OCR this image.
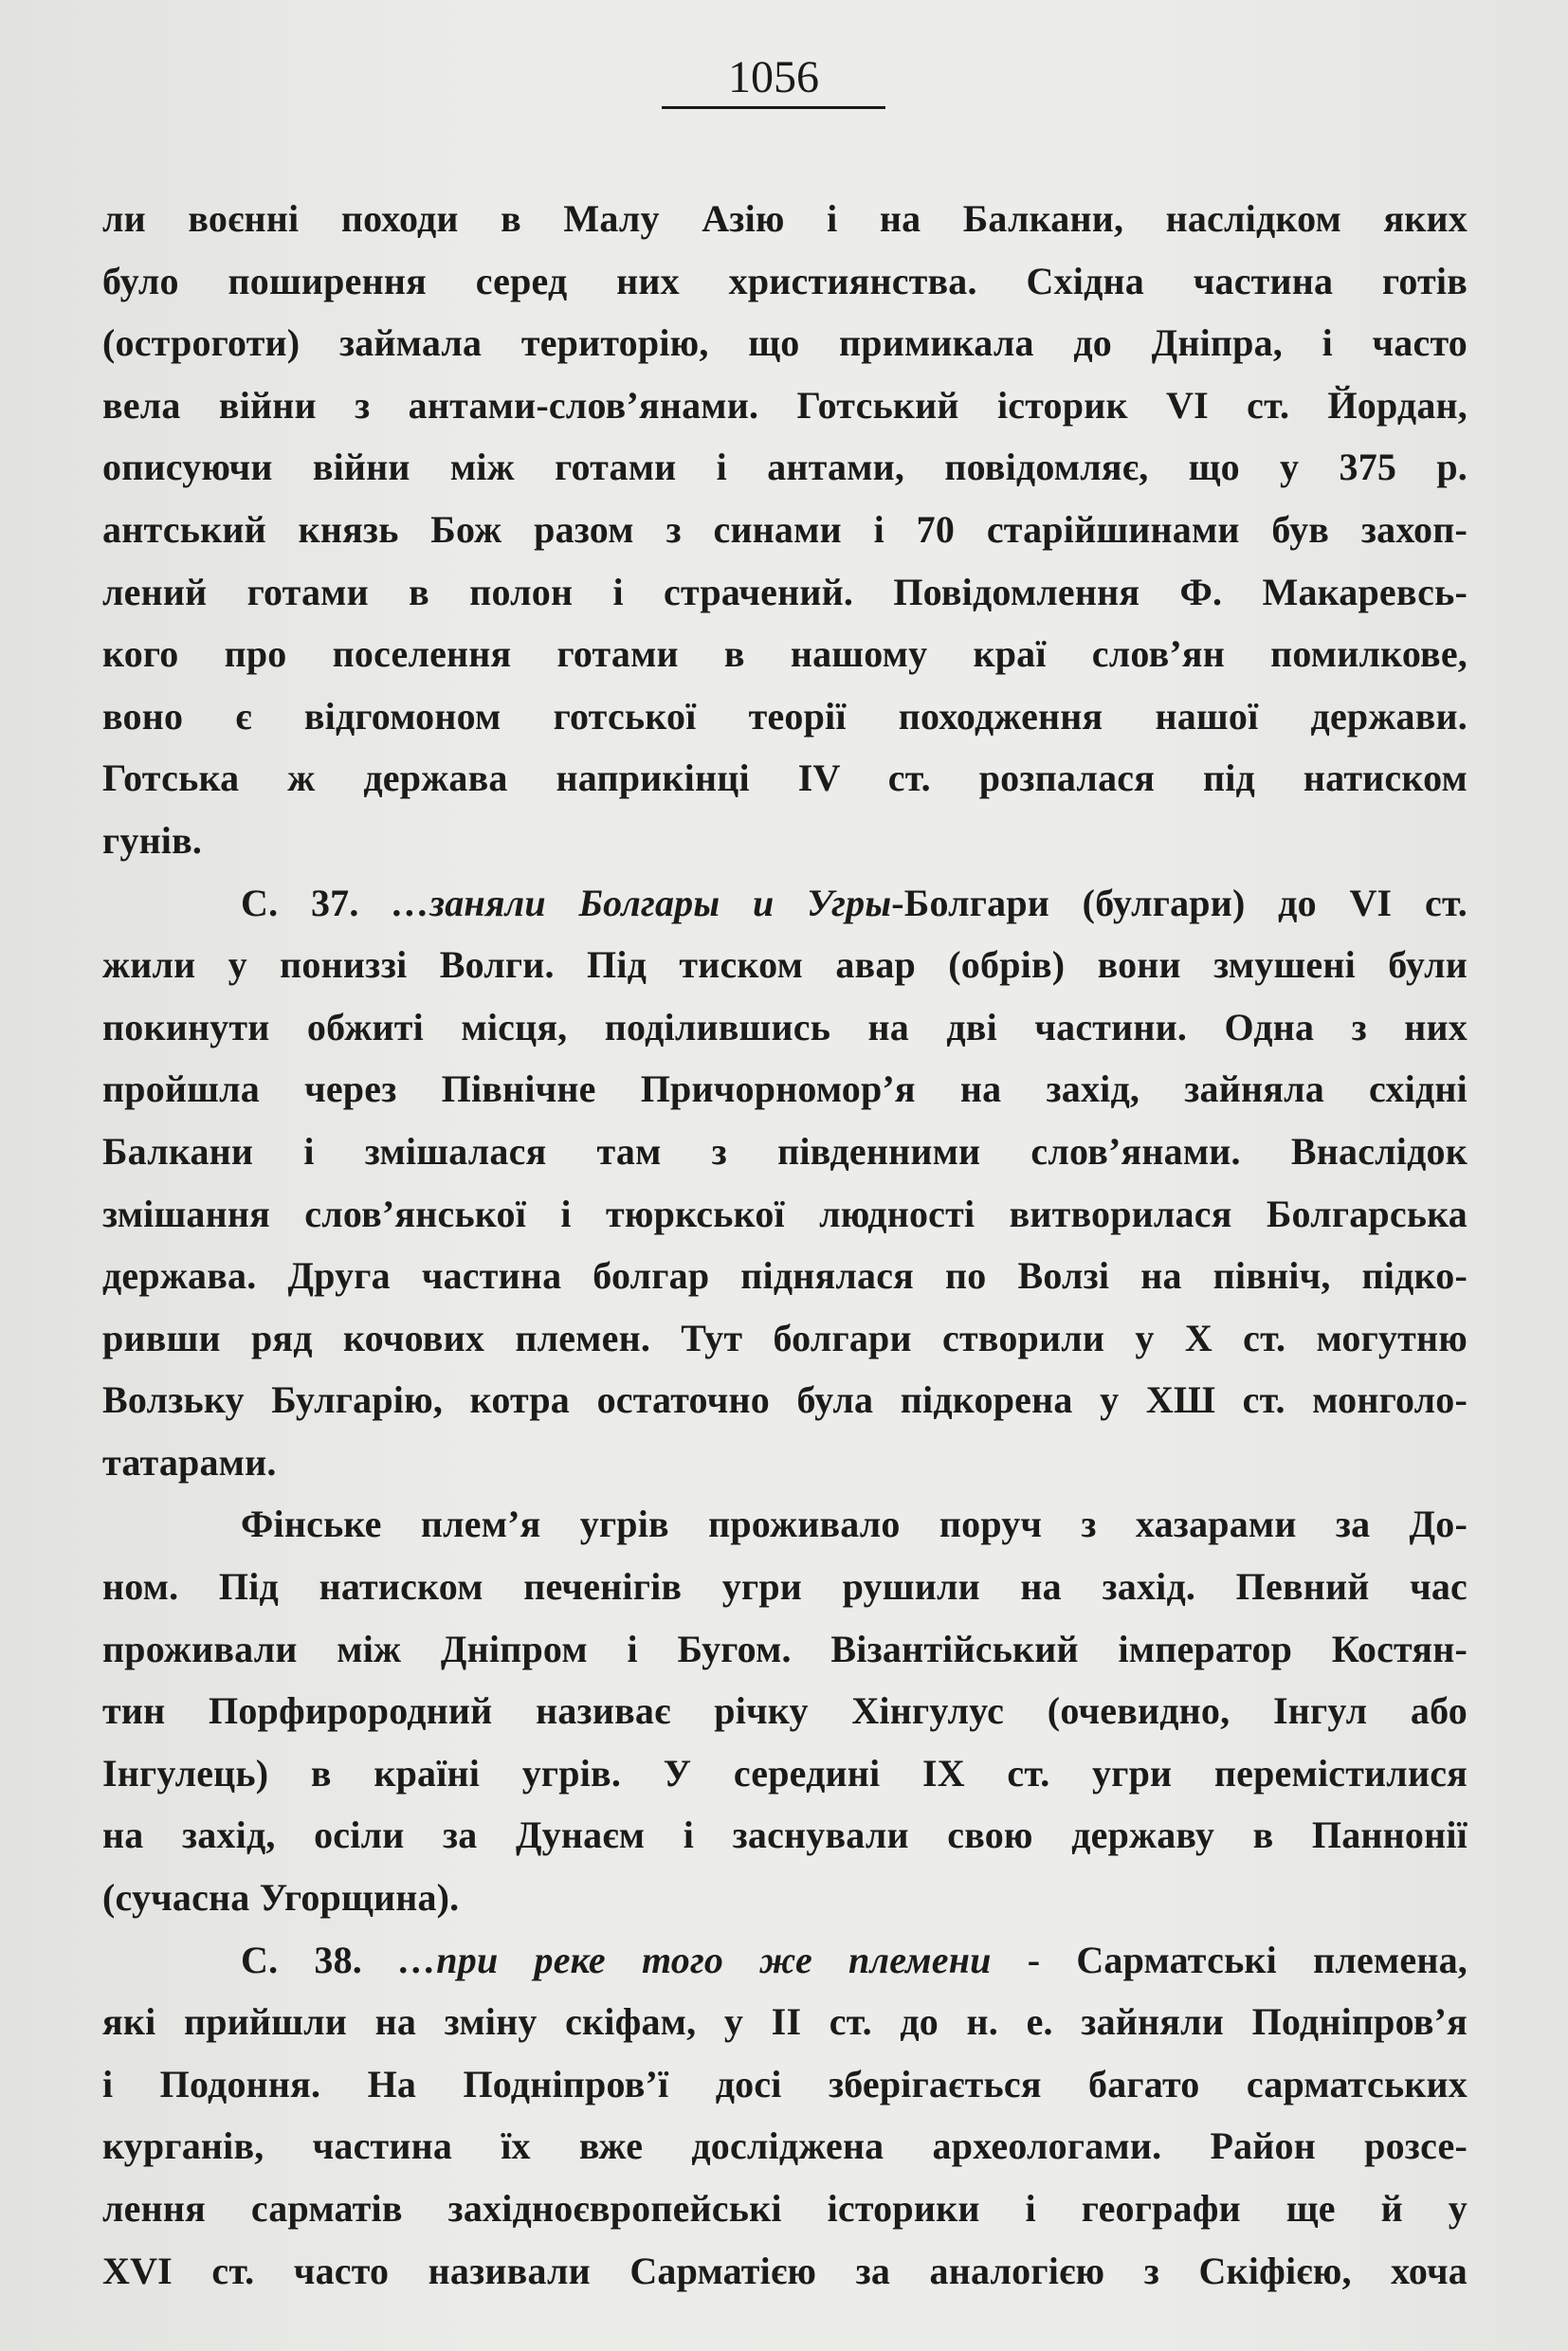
1056
ли воєнні походи в Малу Азію і на Балкани, наслідком яких
було поширення серед них християнства. Східна частина готів
(остроготи) займала територію, що примикала до Дніпра, і часто
вела війни з антами-слов’янами. Готський історик VI ст. Йордан,
описуючи війни між готами і антами, повідомляє, що у 375 р.
антський князь Бож разом з синами і 70 старійшинами був захоп-
лений готами в полон і страчений. Повідомлення Ф. Макаревсь-
кого про поселення готами в нашому краї слов’ян помилкове,
воно є відгомоном готської теорії походження нашої держави.
Готська ж держава наприкінці IV ст. розпалася під натиском
гунів.
С. 37. …заняли Болгары и Угры-Болгари (булгари) до VI ст.
жили у пониззі Волги. Під тиском авар (обрів) вони змушені були
покинути обжиті місця, поділившись на дві частини. Одна з них
пройшла через Північне Причорномор’я на захід, зайняла східні
Балкани і змішалася там з південними слов’янами. Внаслідок
змішання слов’янської і тюркської людності витворилася Болгарська
держава. Друга частина болгар піднялася по Волзі на північ, підко-
ривши ряд кочових племен. Тут болгари створили у X ст. могутню
Волзьку Булгарію, котра остаточно була підкорена у ХШ ст. монголо-
татарами.
Фінське плем’я угрів проживало поруч з хазарами за До-
ном. Під натиском печенігів угри рушили на захід. Певний час
проживали між Дніпром і Бугом. Візантійський імператор Костян-
тин Порфирородний називає річку Хінгулус (очевидно, Інгул або
Інгулець) в країні угрів. У середині IX ст. угри перемістилися
на захід, осіли за Дунаєм і заснували свою державу в Паннонії
(сучасна Угорщина).
С. 38. …при реке того же племени - Сарматські племена,
які прийшли на зміну скіфам, у II ст. до н. е. зайняли Подніпров’я
і Подоння. На Подніпров’ї досі зберігається багато сарматських
курганів, частина їх вже досліджена археологами. Район розсе-
лення сарматів західноєвропейські історики і географи ще й у
XVI ст. часто називали Сарматією за аналогією з Скіфією, хоча
